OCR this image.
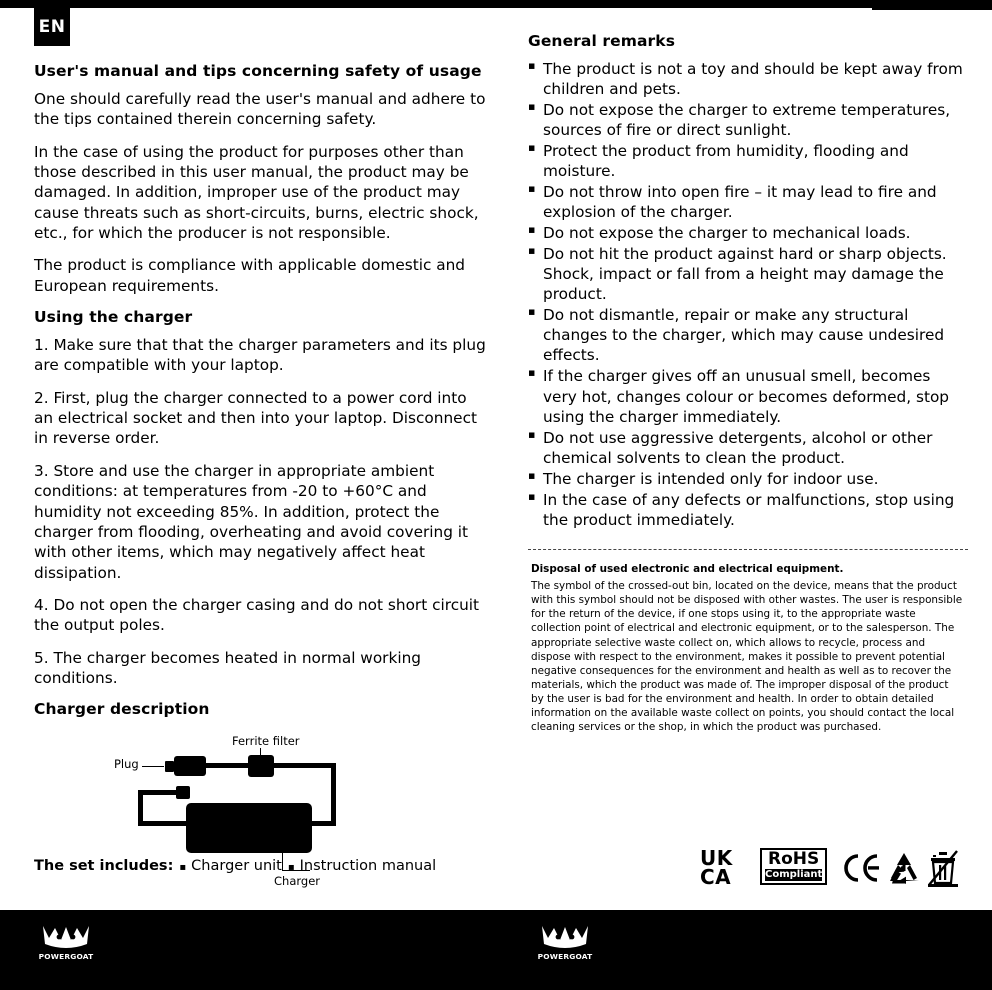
EN
User's manual and tips concerning safety of usage
One should carefully read the user's manual and adhere to the tips contained therein concerning safety.
In the case of using the product for purposes other than those described in this user manual, the product may be damaged. In addition, improper use of the product may cause threats such as short-circuits, burns, electric shock, etc., for which the producer is not responsible.
The product is compliance with applicable domestic and European requirements.
Using the charger
1. Make sure that that the charger parameters and its plug are compatible with your laptop.
2. First, plug the charger connected to a power cord into an electrical socket and then into your laptop. Disconnect in reverse order.
3. Store and use the charger in appropriate ambient conditions: at temperatures from -20 to +60°C and humidity not exceeding 85%. In addition, protect the charger from flooding, overheating and avoid covering it with other items, which may negatively affect heat dissipation.
4. Do not open the charger casing and do not short circuit the output poles.
5. The charger becomes heated in normal working conditions.
Charger description
Ferrite filter
Plug
Charger
The set includes: ▪ Charger unit ▪ Instruction manual
General remarks
▪ The product is not a toy and should be kept away from children and pets.
▪ Do not expose the charger to extreme temperatures, sources of fire or direct sunlight.
▪ Protect the product from humidity, flooding and moisture.
▪ Do not throw into open fire – it may lead to fire and explosion of the charger.
▪ Do not expose the charger to mechanical loads.
▪ Do not hit the product against hard or sharp objects. Shock, impact or fall from a height may damage the product.
▪ Do not dismantle, repair or make any structural changes to the charger, which may cause undesired effects.
▪ If the charger gives off an unusual smell, becomes very hot, changes colour or becomes deformed, stop using the charger immediately.
▪ Do not use aggressive detergents, alcohol or other chemical solvents to clean the product.
▪ The charger is intended only for indoor use.
▪ In the case of any defects or malfunctions, stop using the product immediately.
Disposal of used electronic and electrical equipment.

The symbol of the crossed-out bin, located on the device, means that the product with this symbol should not be disposed with other wastes. The user is responsible for the return of the device, if one stops using it, to the appropriate waste collection point of electrical and electronic equipment, or to the salesperson. The appropriate selective waste collect on, which allows to recycle, process and dispose with respect to the environment, makes it possible to prevent potential negative consequences for the environment and health as well as to recover the materials, which the product was made of. The improper disposal of the product by the user is bad for the environment and health. In order to obtain detailed information on the available waste collect on points, you should contact the local cleaning services or the shop, in which the product was purchased.

UK
CA
RoHS
Compliant
POWERGOAT	POWERGOAT
